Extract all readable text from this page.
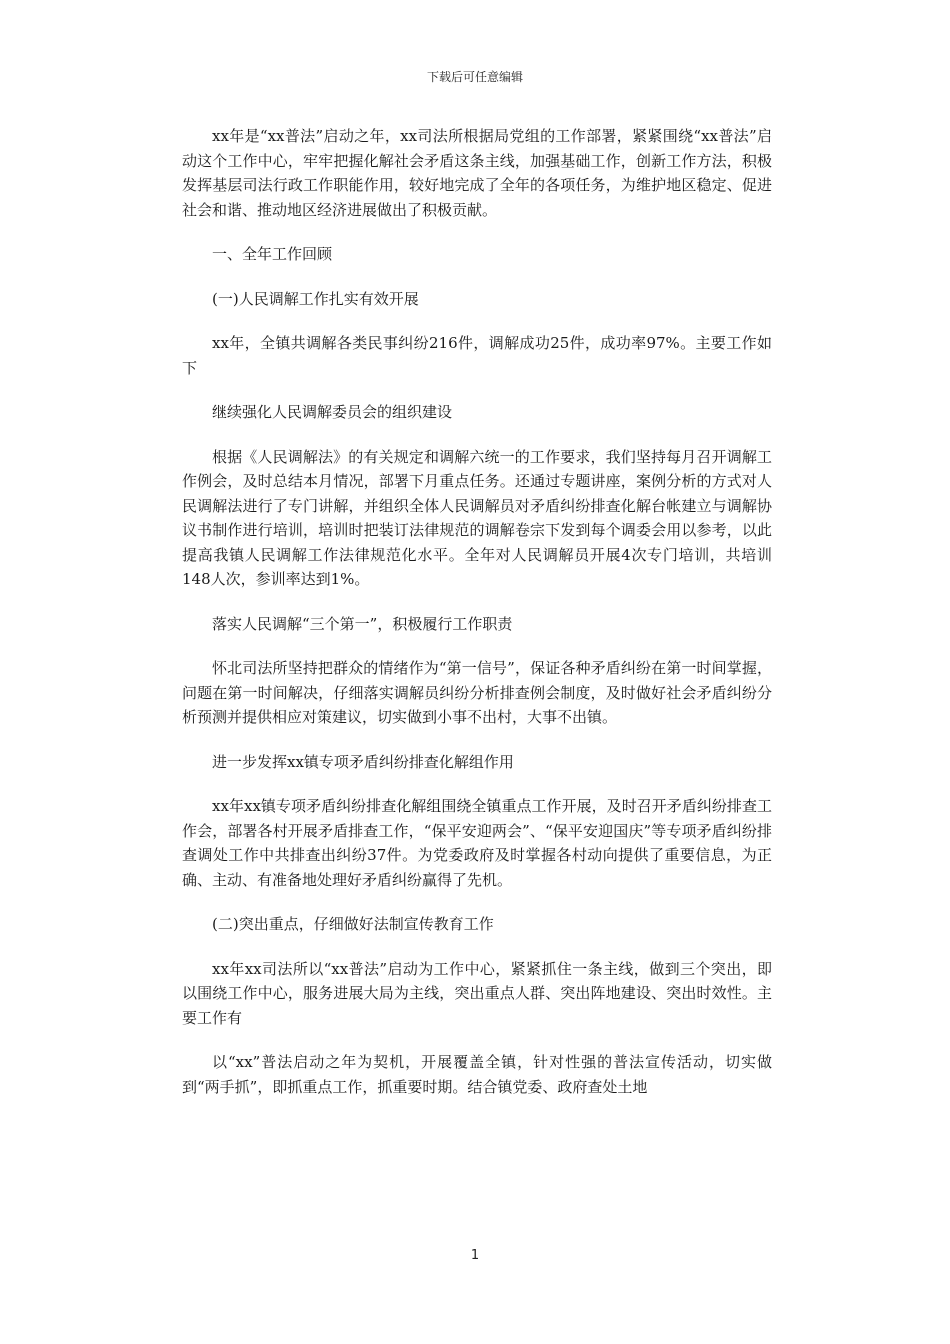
下载后可任意编辑

xx年是“xx普法”启动之年，xx司法所根据局党组的工作部署，紧紧围绕“xx普法”启动这个工作中心，牢牢把握化解社会矛盾这条主线，加强基础工作，创新工作方法，积极发挥基层司法行政工作职能作用，较好地完成了全年的各项任务，为维护地区稳定、促进社会和谐、推动地区经济进展做出了积极贡献。

一、全年工作回顾

(一)人民调解工作扎实有效开展

xx年，全镇共调解各类民事纠纷216件，调解成功25件，成功率97%。主要工作如下

继续强化人民调解委员会的组织建设

根据《人民调解法》的有关规定和调解六统一的工作要求，我们坚持每月召开调解工作例会，及时总结本月情况，部署下月重点任务。还通过专题讲座，案例分析的方式对人民调解法进行了专门讲解，并组织全体人民调解员对矛盾纠纷排查化解台帐建立与调解协议书制作进行培训，培训时把装订法律规范的调解卷宗下发到每个调委会用以参考，以此提高我镇人民调解工作法律规范化水平。全年对人民调解员开展4次专门培训，共培训148人次，参训率达到1%。

落实人民调解“三个第一”，积极履行工作职责

怀北司法所坚持把群众的情绪作为“第一信号”，保证各种矛盾纠纷在第一时间掌握，问题在第一时间解决，仔细落实调解员纠纷分析排查例会制度，及时做好社会矛盾纠纷分析预测并提供相应对策建议，切实做到小事不出村，大事不出镇。

进一步发挥xx镇专项矛盾纠纷排查化解组作用

xx年xx镇专项矛盾纠纷排查化解组围绕全镇重点工作开展，及时召开矛盾纠纷排查工作会，部署各村开展矛盾排查工作，“保平安迎两会”、“保平安迎国庆”等专项矛盾纠纷排查调处工作中共排查出纠纷37件。为党委政府及时掌握各村动向提供了重要信息，为正确、主动、有准备地处理好矛盾纠纷赢得了先机。

(二)突出重点，仔细做好法制宣传教育工作

xx年xx司法所以“xx普法”启动为工作中心，紧紧抓住一条主线，做到三个突出，即以围绕工作中心，服务进展大局为主线，突出重点人群、突出阵地建设、突出时效性。主要工作有

以“xx”普法启动之年为契机，开展覆盖全镇，针对性强的普法宣传活动，切实做到“两手抓”，即抓重点工作，抓重要时期。结合镇党委、政府查处土地

1
